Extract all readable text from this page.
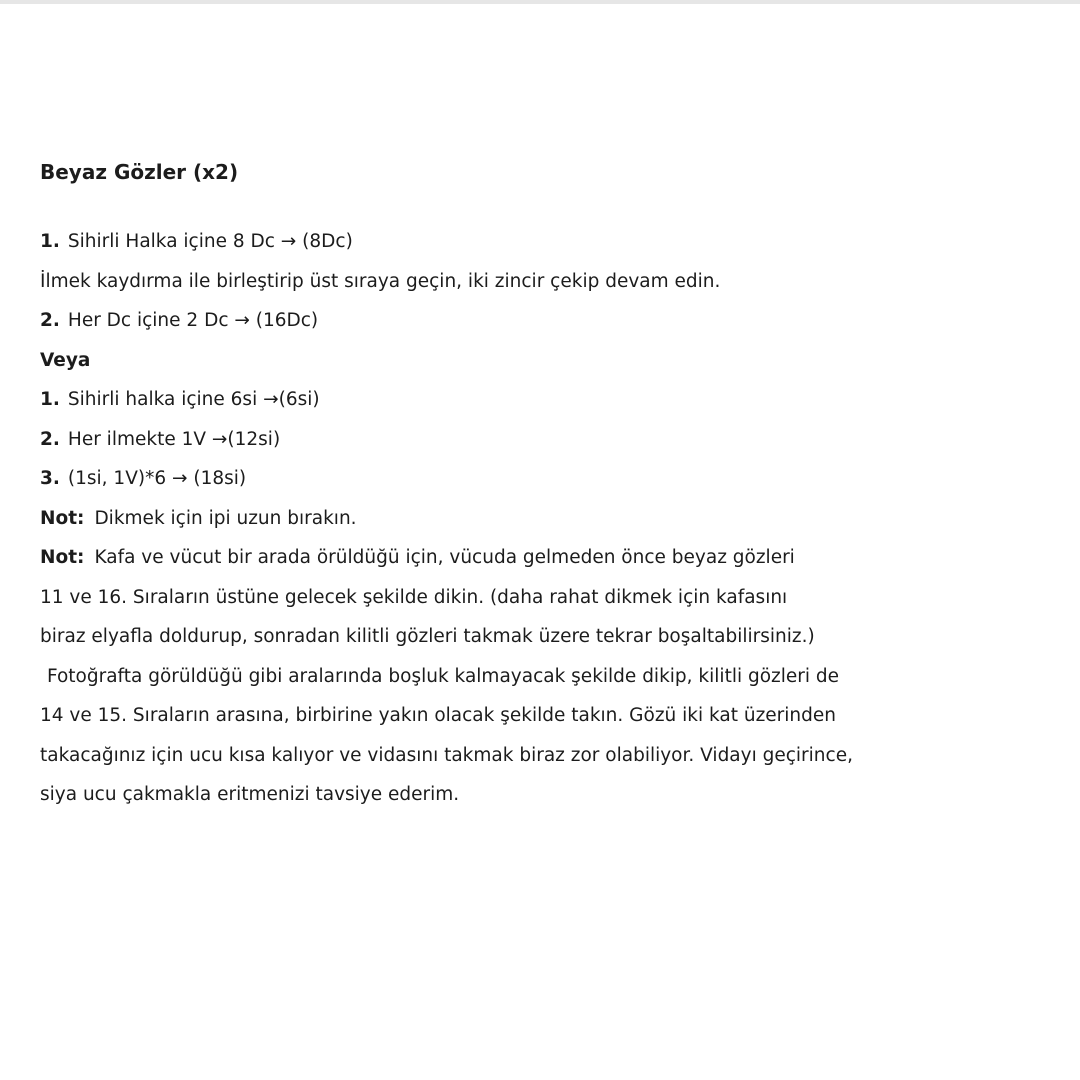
Beyaz Gözler (x2)
1. Sihirli Halka içine 8 Dc → (8Dc)
İlmek kaydırma ile birleştirip üst sıraya geçin, iki zincir çekip devam edin.
2. Her Dc içine 2 Dc → (16Dc)
Veya
1. Sihirli halka içine 6si →(6si)
2. Her ilmekte 1V →(12si)
3. (1si, 1V)*6 → (18si)
Not: Dikmek için ipi uzun bırakın.
Not: Kafa ve vücut bir arada örüldüğü için, vücuda gelmeden önce beyaz gözleri
11 ve 16. Sıraların üstüne gelecek şekilde dikin. (daha rahat dikmek için kafasını
biraz elyafla doldurup, sonradan kilitli gözleri takmak üzere tekrar boşaltabilirsiniz.)
Fotoğrafta görüldüğü gibi aralarında boşluk kalmayacak şekilde dikip, kilitli gözleri de
14 ve 15. Sıraların arasına, birbirine yakın olacak şekilde takın. Gözü iki kat üzerinden
takacağınız için ucu kısa kalıyor ve vidasını takmak biraz zor olabiliyor. Vidayı geçirince,
siya ucu çakmakla eritmenizi tavsiye ederim.
